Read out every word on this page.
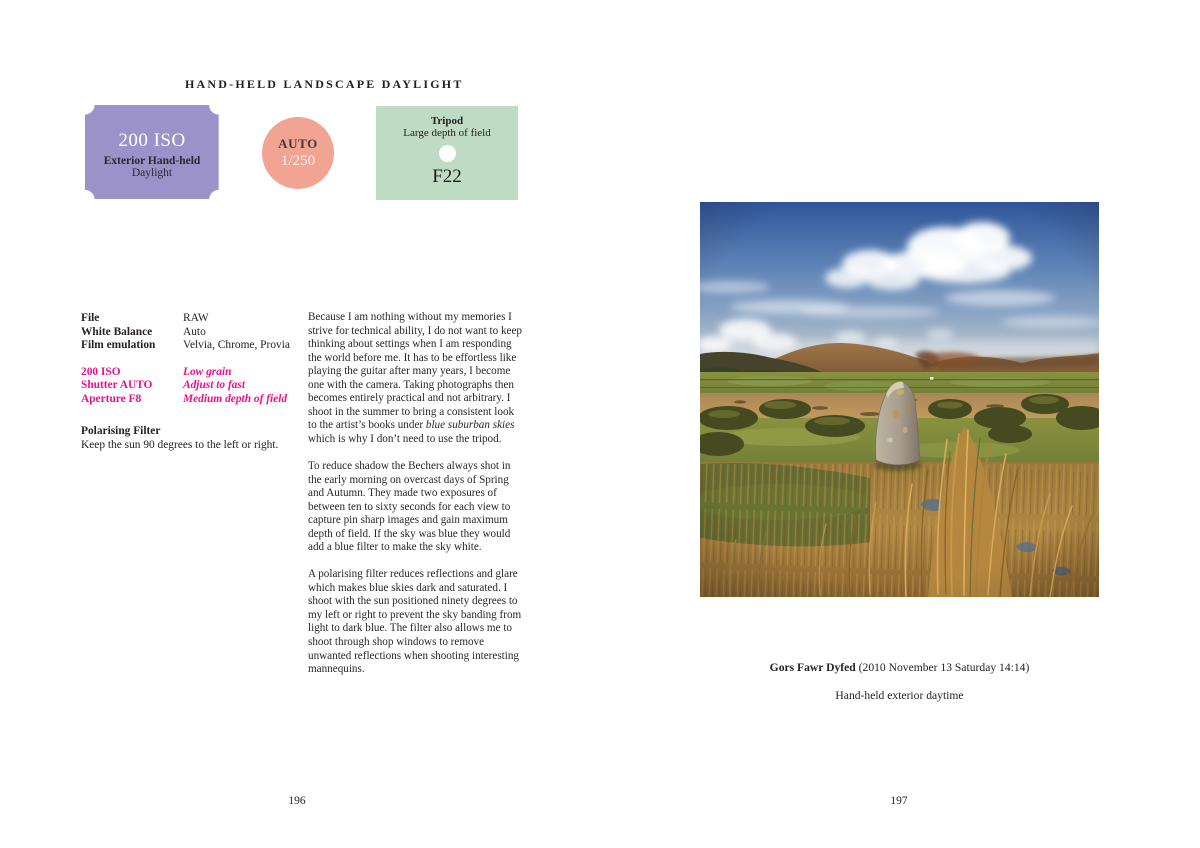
HAND-HELD LANDSCAPE DAYLIGHT
200 ISO
Exterior Hand-held
Daylight
AUTO
1/250
Tripod
Large depth of field
F22
File	RAW
White Balance	Auto
Film emulation	Velvia, Chrome, Provia
200 ISO	Low grain
Shutter AUTO	Adjust to fast
Aperture F8	Medium depth of field
Polarising Filter
Keep the sun 90 degrees to the left or right.

Because I am nothing without my memories I strive for technical ability, I do not want to keep thinking about settings when I am responding the world before me. It has to be effortless like playing the guitar after many years, I become one with the camera. Taking photographs then becomes entirely practical and not arbitrary. I shoot in the summer to bring a consistent look to the artist’s books under blue suburban skies which is why I don’t need to use the tripod.

To reduce shadow the Bechers always shot in the early morning on overcast days of Spring and Autumn. They made two exposures of between ten to sixty seconds for each view to capture pin sharp images and gain maximum depth of field. If the sky was blue they would add a blue filter to make the sky white.

A polarising filter reduces reflections and glare which makes blue skies dark and saturated. I shoot with the sun positioned ninety degrees to my left or right to prevent the sky banding from light to dark blue. The filter also allows me to shoot through shop windows to remove unwanted reflections when shooting interesting mannequins.

196
Gors Fawr Dyfed (2010 November 13 Saturday 14:14)
Hand-held exterior daytime
197
